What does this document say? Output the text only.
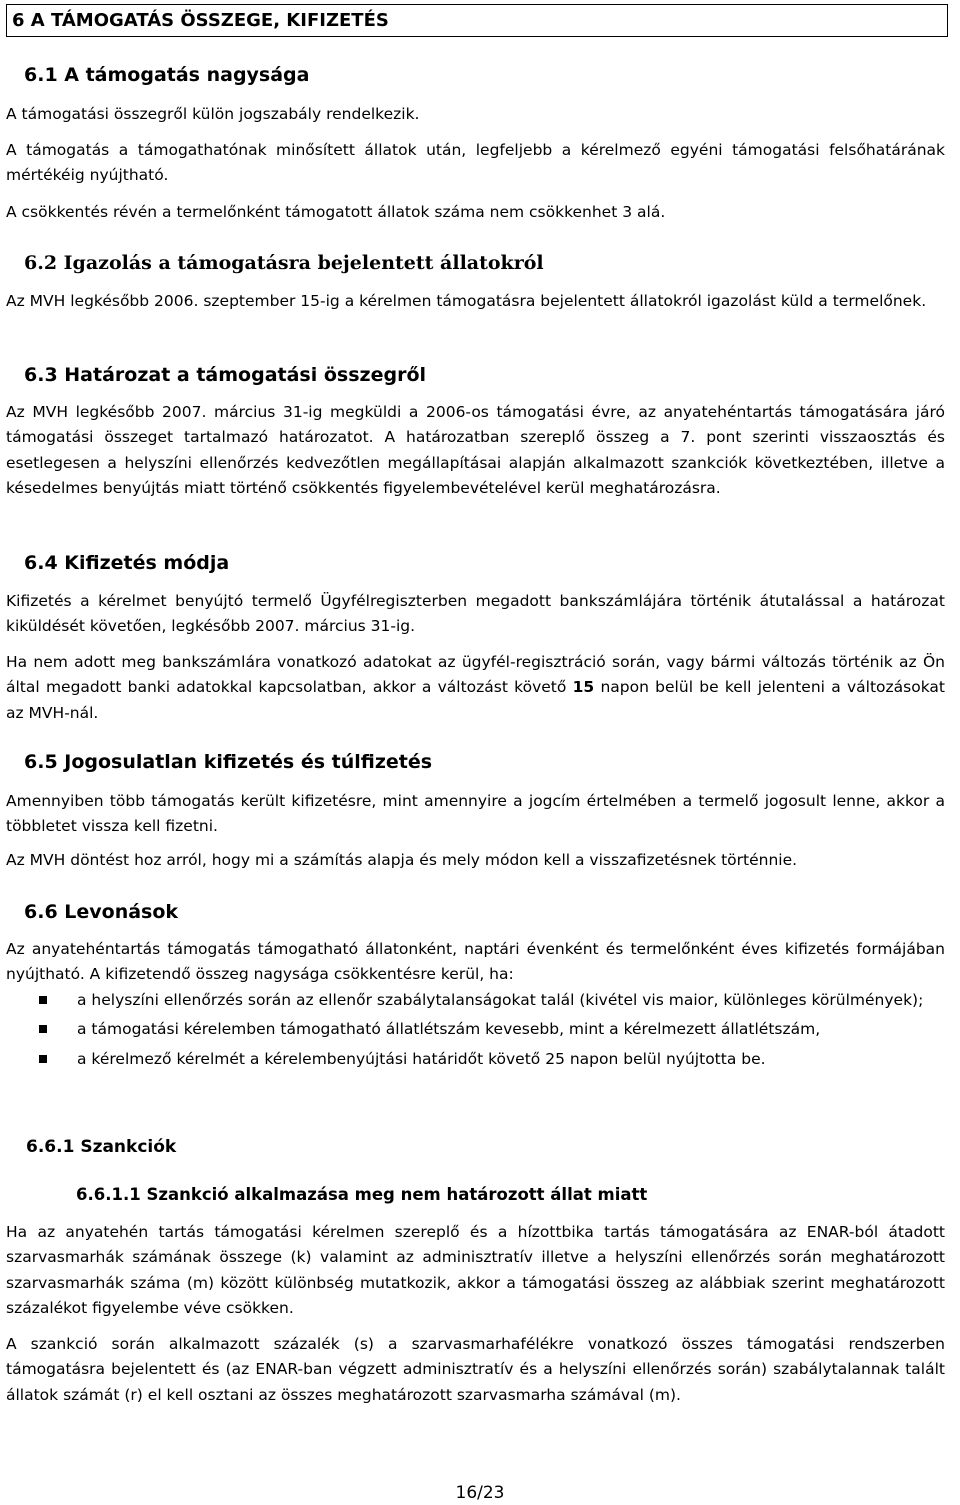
6 A TÁMOGATÁS ÖSSZEGE, KIFIZETÉS
6.1 A támogatás nagysága
A támogatási összegről külön jogszabály rendelkezik.
A támogatás a támogathatónak minősített állatok után, legfeljebb a kérelmező egyéni támogatási felsőhatárának mértékéig nyújtható.
A csökkentés révén a termelőnként támogatott állatok száma nem csökkenhet 3 alá.
6.2 Igazolás a támogatásra bejelentett állatokról
Az MVH legkésőbb 2006. szeptember 15-ig a kérelmen támogatásra bejelentett állatokról igazolást küld a termelőnek.
6.3 Határozat a támogatási összegről
Az MVH legkésőbb 2007. március 31-ig megküldi a 2006-os támogatási évre, az anyatehéntartás támogatására járó támogatási összeget tartalmazó határozatot. A határozatban szereplő összeg a 7. pont szerinti visszaosztás és esetlegesen a helyszíni ellenőrzés kedvezőtlen megállapításai alapján alkalmazott szankciók következtében, illetve a késedelmes benyújtás miatt történő csökkentés figyelembevételével kerül meghatározásra.
6.4 Kifizetés módja
Kifizetés a kérelmet benyújtó termelő Ügyfélregiszterben megadott bankszámlájára történik átutalással a határozat kiküldését követően, legkésőbb 2007. március 31-ig.
Ha nem adott meg bankszámlára vonatkozó adatokat az ügyfél-regisztráció során, vagy bármi változás történik az Ön által megadott banki adatokkal kapcsolatban, akkor a változást követő 15 napon belül be kell jelenteni a változásokat az MVH-nál.
6.5 Jogosulatlan kifizetés és túlfizetés
Amennyiben több támogatás került kifizetésre, mint amennyire a jogcím értelmében a termelő jogosult lenne, akkor a többletet vissza kell fizetni.
Az MVH döntést hoz arról, hogy mi a számítás alapja és mely módon kell a visszafizetésnek történnie.
6.6 Levonások
Az anyatehéntartás támogatás támogatható állatonként, naptári évenként és termelőnként éves kifizetés formájában nyújtható. A kifizetendő összeg nagysága csökkentésre kerül, ha:
a helyszíni ellenőrzés során az ellenőr szabálytalanságokat talál (kivétel vis maior, különleges körülmények);
a támogatási kérelemben támogatható állatlétszám kevesebb, mint a kérelmezett állatlétszám,
a kérelmező kérelmét a kérelembenyújtási határidőt követő 25 napon belül nyújtotta be.
6.6.1 Szankciók
6.6.1.1 Szankció alkalmazása meg nem határozott állat miatt
Ha az anyatehén tartás támogatási kérelmen szereplő és a hízottbika tartás támogatására az ENAR-ból átadott szarvasmarhák számának összege (k) valamint az adminisztratív illetve a helyszíni ellenőrzés során meghatározott szarvasmarhák száma (m) között különbség mutatkozik, akkor a támogatási összeg az alábbiak szerint meghatározott százalékot figyelembe véve csökken.
A szankció során alkalmazott százalék (s) a szarvasmarhafélékre vonatkozó összes támogatási rendszerben támogatásra bejelentett és (az ENAR-ban végzett adminisztratív és a helyszíni ellenőrzés során) szabálytalannak talált állatok számát (r) el kell osztani az összes meghatározott szarvasmarha számával (m).
16/23
